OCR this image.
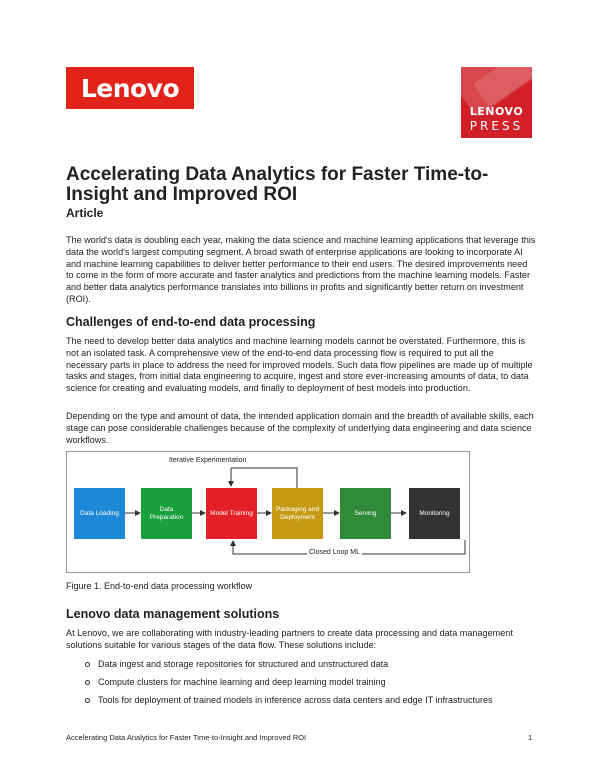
Lenovo
LENOVO
PRESS
Accelerating Data Analytics for Faster Time-to-Insight and Improved ROI
Article
The world's data is doubling each year, making the data science and machine learning applications that leverage this data the world's largest computing segment. A broad swath of enterprise applications are looking to incorporate AI and machine learning capabilities to deliver better performance to their end users. The desired improvements need to come in the form of more accurate and faster analytics and predictions from the machine learning models. Faster and better data analytics performance translates into billions in profits and significantly better return on investment (ROI).
Challenges of end-to-end data processing
The need to develop better data analytics and machine learning models cannot be overstated. Furthermore, this is not an isolated task. A comprehensive view of the end-to-end data processing flow is required to put all the necessary parts in place to address the need for improved models. Such data flow pipelines are made up of multiple tasks and stages, from initial data engineering to acquire, ingest and store ever-increasing amounts of data, to data science for creating and evaluating models, and finally to deployment of best models into production.
Depending on the type and amount of data, the intended application domain and the breadth of available skills, each stage can pose considerable challenges because of the complexity of underlying data engineering and data science workflows.
Data Loading
Data Preparation
Model Training
Packaging and Deployment
Serving	Monitoring
Iterative Experimentation
Closed Loop ML
Figure 1. End-to-end data processing workflow
Lenovo data management solutions
At Lenovo, we are collaborating with industry-leading partners to create data processing and data management solutions suitable for various stages of the data flow. These solutions include:
Data ingest and storage repositories for structured and unstructured data
Compute clusters for machine learning and deep learning model training
Tools for deployment of trained models in inference across data centers and edge IT infrastructures
Accelerating Data Analytics for Faster Time-to-Insight and Improved ROI	1
